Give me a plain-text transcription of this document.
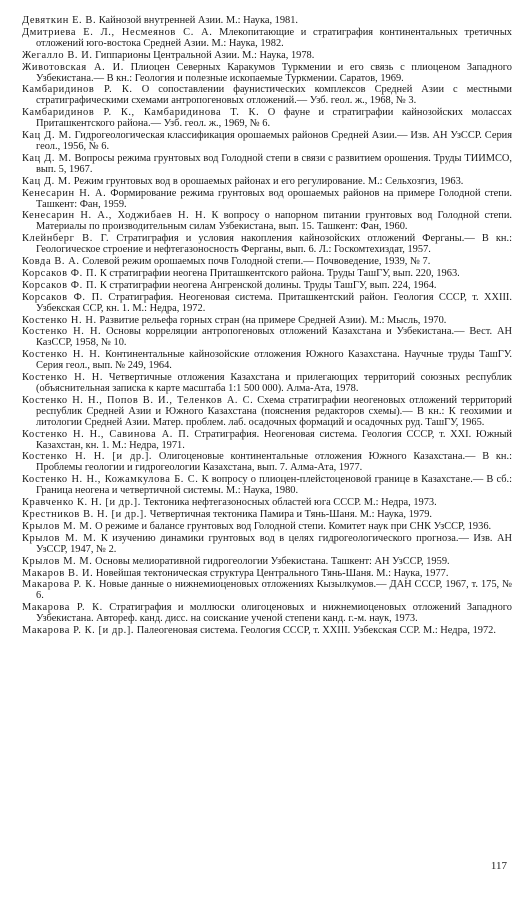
Девяткин Е. В. Кайнозой внутренней Азии. М.: Наука, 1981.

Дмитриева Е. Л., Несмеянов С. А. Млекопитающие и стратиграфия континентальных третичных отложений юго-востока Средней Азии. М.: Наука, 1982.

Жегалло В. И. Гиппарионы Центральной Азии. М.: Наука, 1978.

Животовская А. И. Плиоцен Северных Каракумов Туркмении и его связь с плиоценом Западного Узбекистана.— В кн.: Геология и полезные ископаемые Туркмении. Саратов, 1969.

Камбаридинов Р. К. О сопоставлении фаунистических комплексов Средней Азии с местными стратиграфическими схемами антропогеновых отложений.— Узб. геол. ж., 1968, № 3.

Камбаридинов Р. К., Камбаридинова Т. К. О фауне и стратиграфии кайнозойских молассах Приташкентского района.— Узб. геол. ж., 1969, № 6.

Кац Д. М. Гидрогеологическая классификация орошаемых районов Средней Азии.— Изв. АН УзССР. Серия геол., 1956, № 6.

Кац Д. М. Вопросы режима грунтовых вод Голодной степи в связи с развитием орошения. Труды ТИИМСО, вып. 5, 1967.

Кац Д. М. Режим грунтовых вод в орошаемых районах и его регулирование. М.: Сельхозгиз, 1963.

Кенесарин Н. А. Формирование режима грунтовых вод орошаемых районов на примере Голодной степи. Ташкент: Фан, 1959.

Кенесарин Н. А., Ходжибаев Н. Н. К вопросу о напорном питании грунтовых вод Голодной степи. Материалы по производительным силам Узбекистана, вып. 15. Ташкент: Фан, 1960.

Клейнберг В. Г. Стратиграфия и условия накопления кайнозойских отложений Ферганы.— В кн.: Геологическое строение и нефтегазоносность Ферганы, вып. 6. Л.: Госкомтехиздат, 1957.

Ковда В. А. Солевой режим орошаемых почв Голодной степи.— Почвоведение, 1939, № 7.

Корсаков Ф. П. К стратиграфии неогена Приташкентского района. Труды ТашГУ, вып. 220, 1963.

Корсаков Ф. П. К стратиграфии неогена Ангренской долины. Труды ТашГУ, вып. 224, 1964.

Корсаков Ф. П. Стратиграфия. Неогеновая система. Приташкентский район. Геология СССР, т. XXIII. Узбекская ССР, кн. 1. М.: Недра, 1972.

Костенко Н. Н. Развитие рельефа горных стран (на примере Средней Азии). М.: Мысль, 1970.

Костенко Н. Н. Основы корреляции антропогеновых отложений Казахстана и Узбекистана.— Вест. АН КазССР, 1958, № 10.

Костенко Н. Н. Континентальные кайнозойские отложения Южного Казахстана. Научные труды ТашГУ. Серия геол., вып. № 249, 1964.

Костенко Н. Н. Четвертичные отложения Казахстана и прилегающих территорий союзных республик (объяснительная записка к карте масштаба 1:1 500 000). Алма-Ата, 1978.

Костенко Н. Н., Попов В. И., Теленков А. С. Схема стратиграфии неогеновых отложений территорий республик Средней Азии и Южного Казахстана (пояснения редакторов схемы).— В кн.: К геохимии и литологии Средней Азии. Матер. проблем. лаб. осадочных формаций и осадочных руд. ТашГУ, 1965.

Костенко Н. Н., Савинова А. П. Стратиграфия. Неогеновая система. Геология СССР, т. XXI. Южный Казахстан, кн. 1. М.: Недра, 1971.

Костенко Н. Н. [и др.]. Олигоценовые континентальные отложения Южного Казахстана.— В кн.: Проблемы геологии и гидрогеологии Казахстана, вып. 7. Алма-Ата, 1977.

Костенко Н. Н., Кожамкулова Б. С. К вопросу о плиоцен-плейстоценовой границе в Казахстане.— В сб.: Граница неогена и четвертичной системы. М.: Наука, 1980.

Кравченко К. Н. [и др.]. Тектоника нефтегазоносных областей юга СССР. М.: Недра, 1973.

Крестников В. Н. [и др.]. Четвертичная тектоника Памира и Тянь-Шаня. М.: Наука, 1979.

Крылов М. М. О режиме и балансе грунтовых вод Голодной степи. Комитет наук при СНК УзССР, 1936.

Крылов М. М. К изучению динамики грунтовых вод в целях гидрогеологического прогноза.— Изв. АН УзССР, 1947, № 2.

Крылов М. М. Основы мелиоративной гидрогеологии Узбекистана. Ташкент: АН УзССР, 1959.

Макаров В. И. Новейшая тектоническая структура Центрального Тянь-Шаня. М.: Наука, 1977.

Макарова Р. К. Новые данные о нижнемиоценовых отложениях Кызылкумов.— ДАН СССР, 1967, т. 175, № 6.

Макарова Р. К. Стратиграфия и моллюски олигоценовых и нижнемиоценовых отложений Западного Узбекистана. Автореф. канд. дисс. на соискание ученой степени канд. г.-м. наук, 1973.

Макарова Р. К. [и др.]. Палеогеновая система. Геология СССР, т. XXIII. Узбекская ССР. М.: Недра, 1972.

117
